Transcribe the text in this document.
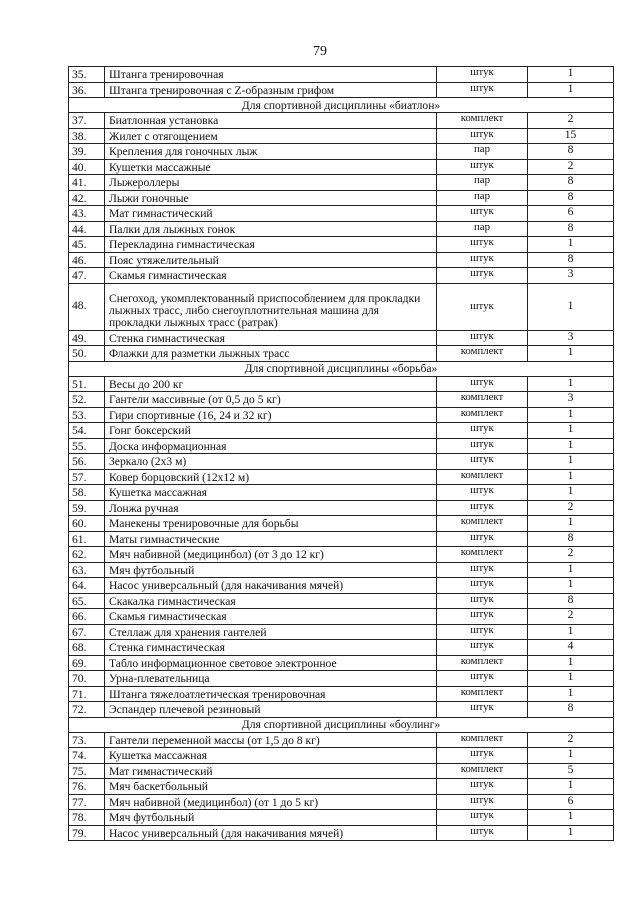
79
35.	Штанга тренировочная	штук	1
36.	Штанга тренировочная с Z-образным грифом	штук	1
Для спортивной дисциплины «биатлон»			
37.	Биатлонная установка	комплект	2
38.	Жилет с отягощением	штук	15
39.	Крепления для гоночных лыж	пар	8
40.	Кушетки массажные	штук	2
41.	Лыжероллеры	пар	8
42.	Лыжи гоночные	пар	8
43.	Мат гимнастический	штук	6
44.	Палки для лыжных гонок	пар	8
45.	Перекладина гимнастическая	штук	1
46.	Пояс утяжелительный	штук	8
47.	Скамья гимнастическая	штук	3
48.	Снегоход, укомплектованный приспособлением для прокладки лыжных трасс, либо снегоуплотнительная машина для прокладки лыжных трасс (ратрак)	штук	1
49.	Стенка гимнастическая	штук	3
50.	Флажки для разметки лыжных трасс	комплект	1
Для спортивной дисциплины «борьба»			
51.	Весы до 200 кг	штук	1
52.	Гантели массивные (от 0,5 до 5 кг)	комплект	3
53.	Гири спортивные (16, 24 и 32 кг)	комплект	1
54.	Гонг боксерский	штук	1
55.	Доска информационная	штук	1
56.	Зеркало (2х3 м)	штук	1
57.	Ковер борцовский (12х12 м)	комплект	1
58.	Кушетка массажная	штук	1
59.	Лонжа ручная	штук	2
60.	Манекены тренировочные для борьбы	комплект	1
61.	Маты гимнастические	штук	8
62.	Мяч набивной (медицинбол) (от 3 до 12 кг)	комплект	2
63.	Мяч футбольный	штук	1
64.	Насос универсальный (для накачивания мячей)	штук	1
65.	Скакалка гимнастическая	штук	8
66.	Скамья гимнастическая	штук	2
67.	Стеллаж для хранения гантелей	штук	1
68.	Стенка гимнастическая	штук	4
69.	Табло информационное световое электронное	комплект	1
70.	Урна-плевательница	штук	1
71.	Штанга тяжелоатлетическая тренировочная	комплект	1
72.	Эспандер плечевой резиновый	штук	8
Для спортивной дисциплины «боулинг»			
73.	Гантели переменной массы (от 1,5 до 8 кг)	комплект	2
74.	Кушетка массажная	штук	1
75.	Мат гимнастический	комплект	5
76.	Мяч баскетбольный	штук	1
77.	Мяч набивной (медицинбол) (от 1 до 5 кг)	штук	6
78.	Мяч футбольный	штук	1
79.	Насос универсальный (для накачивания мячей)	штук	1
